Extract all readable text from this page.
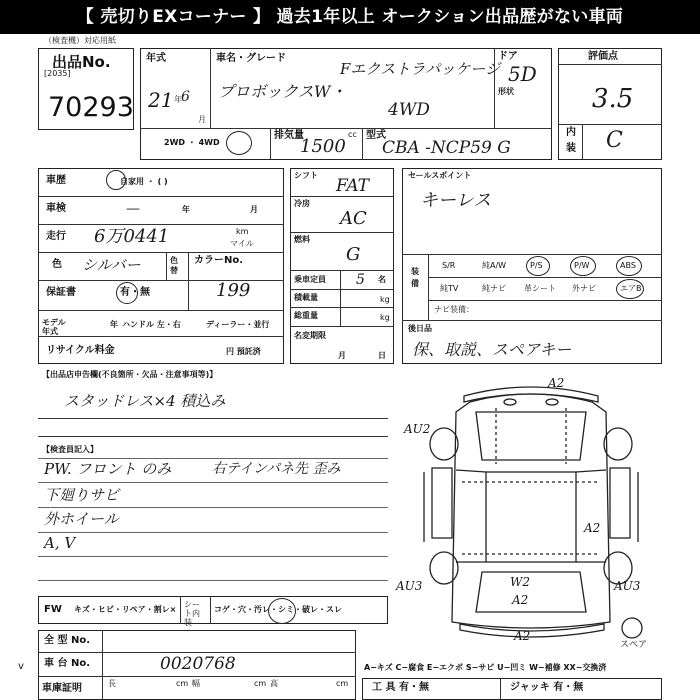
【 売切りEXコーナー 】 過去1年以上 オークション出品歴がない車両
（検査機）対応用紙
出品No.
[2035]
70293
年式
21 6
年
月
車名・グレード
Fエクストラパッケージ
プロボックスW・
4WD
ドア
5D
形状
2WD ・ 4WD
排気量	cc
1500
型式
CBA -NCP59 G
評価点
3.5
内
装 C
車歴	自家用 ・ ( )
車検	—	年	月
走行 6万0441	km
マイル
色 シルバー	色替
カラーNo.
199
保証書	有・無
モデル年式
年 ハンドル 左・右	ディーラー・並行
リサイクル料金	円 預託済
シフト
FAT
冷房
AC
燃料
G
乗車定員 5 名
積載量	kg
総重量	kg
名変期限
月	日
セールスポイント
キーレス
装備
S/R	純A/W	P/S	P/W	ABS
純TV	純ナビ 革シート 外ナビ	エアB
ナビ装備：
後日品
保、取説、スペアキー
【出品店申告欄(不良箇所・欠品・注意事項等)】
スタッドレス×4 積込み
【検査員記入】
PW. フロント のみ	右テインパネ先 歪み
下廻りサビ
外ホイール
A, V
FW キズ・ヒビ・リペア・割レ×
シート内装
コゲ・穴・汚レ・シミ・破レ・スレ
全 型 No.
車 台 No.	0020768
車庫証明	長	cm 幅	cm 高	cm
v	A−キズ C−腐食 E−エクボ S−サビ U−凹ミ W−補修 XX−交換済
工 具 有・無	ジャッキ 有・無
スペア
A2
AU2
A2
AU3	W2
A2
AU3
A2
